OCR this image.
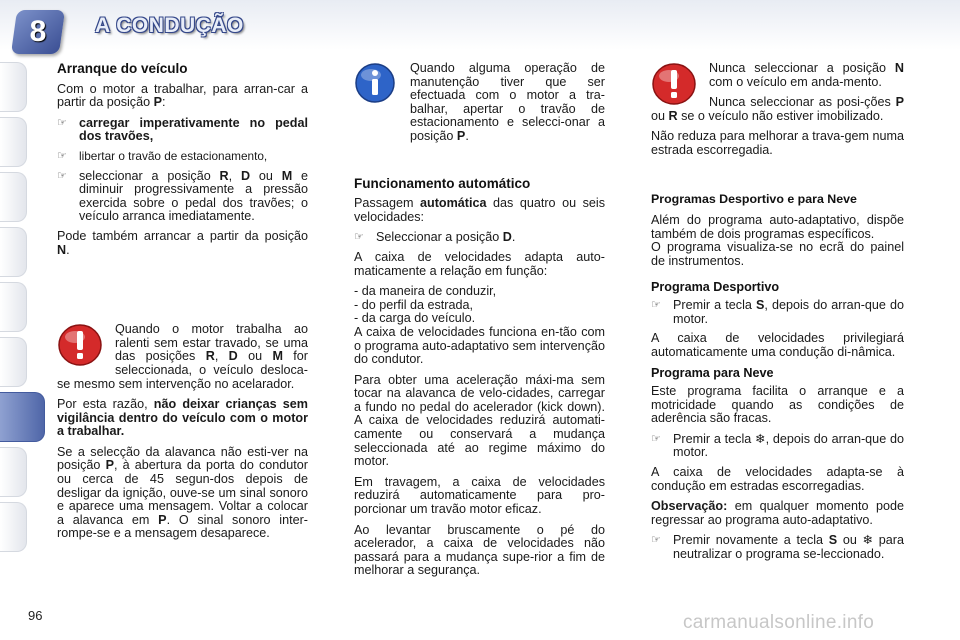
8	A CONDUÇÃO
Arranque do veículo

Com o motor a trabalhar, para arran-car a partir da posição P:

☞ carregar imperativamente no pedal dos travões,
☞	libertar o travão de estacionamento,
☞ seleccionar a posição R, D ou M e diminuir progressivamente a pressão exercida sobre o pedal dos travões; o veículo arranca imediatamente.

Pode também arrancar a partir da posição N.

Quando o motor trabalha ao ralenti sem estar travado, se uma das posições R, D ou M for seleccionada, o veículo desloca-se mesmo sem intervenção no acelarador.

Por esta razão, não deixar crianças sem vigilância dentro do veículo com o motor a trabalhar.

Se a selecção da alavanca não esti-ver na posição P, à abertura da porta do condutor ou cerca de 45 segun-dos depois de desligar da ignição, ouve-se um sinal sonoro e aparece uma mensagem. Voltar a colocar a alavanca em P. O sinal sonoro inter-rompe-se e a mensagem desaparece.

Quando alguma operação de manutenção tiver que ser efectuada com o motor a tra-balhar, apertar o travão de estacionamento e selecci-onar a posição P.

Funcionamento automático

Passagem automática das quatro ou seis velocidades:

☞ Seleccionar a posição D.

A caixa de velocidades adapta auto-maticamente a relação em função:

- da maneira de conduzir,
- do perfil da estrada,
- da carga do veículo.

A caixa de velocidades funciona en-tão com o programa auto-adaptativo sem intervenção do condutor.

Para obter uma aceleração máxi-ma sem tocar na alavanca de velo-cidades, carregar a fundo no pedal do acelerador (kick down). A caixa de velocidades reduzirá automati-camente ou conservará a mudança seleccionada até ao regime máximo do motor.

Em travagem, a caixa de velocidades reduzirá automaticamente para pro-porcionar um travão motor eficaz.

Ao levantar bruscamente o pé do acelerador, a caixa de velocidades não passará para a mudança supe-rior a fim de melhorar a segurança.

Nunca seleccionar a posição N com o veículo em anda-mento.

Nunca seleccionar as posi-ções P ou R se o veículo não estiver imobilizado.

Não reduza para melhorar a trava-gem numa estrada escorregadia.

Programas Desportivo e para Neve

Além do programa auto-adaptativo, dispõe também de dois programas específicos.

O programa visualiza-se no ecrã do painel de instrumentos.

Programa Desportivo
☞ Premir a tecla S, depois do arran-que do motor.

A caixa de velocidades privilegiará automaticamente uma condução di-nâmica.

Programa para Neve

Este programa facilita o arranque e a motricidade quando as condições de aderência são fracas.

☞ Premir a tecla ❄, depois do arran-que do motor.

A caixa de velocidades adapta-se à condução em estradas escorregadias.

Observação: em qualquer momento pode regressar ao programa auto-adaptativo.

☞ Premir novamente a tecla S ou ❄ para neutralizar o programa se-leccionado.
96	carmanualsonline.info
